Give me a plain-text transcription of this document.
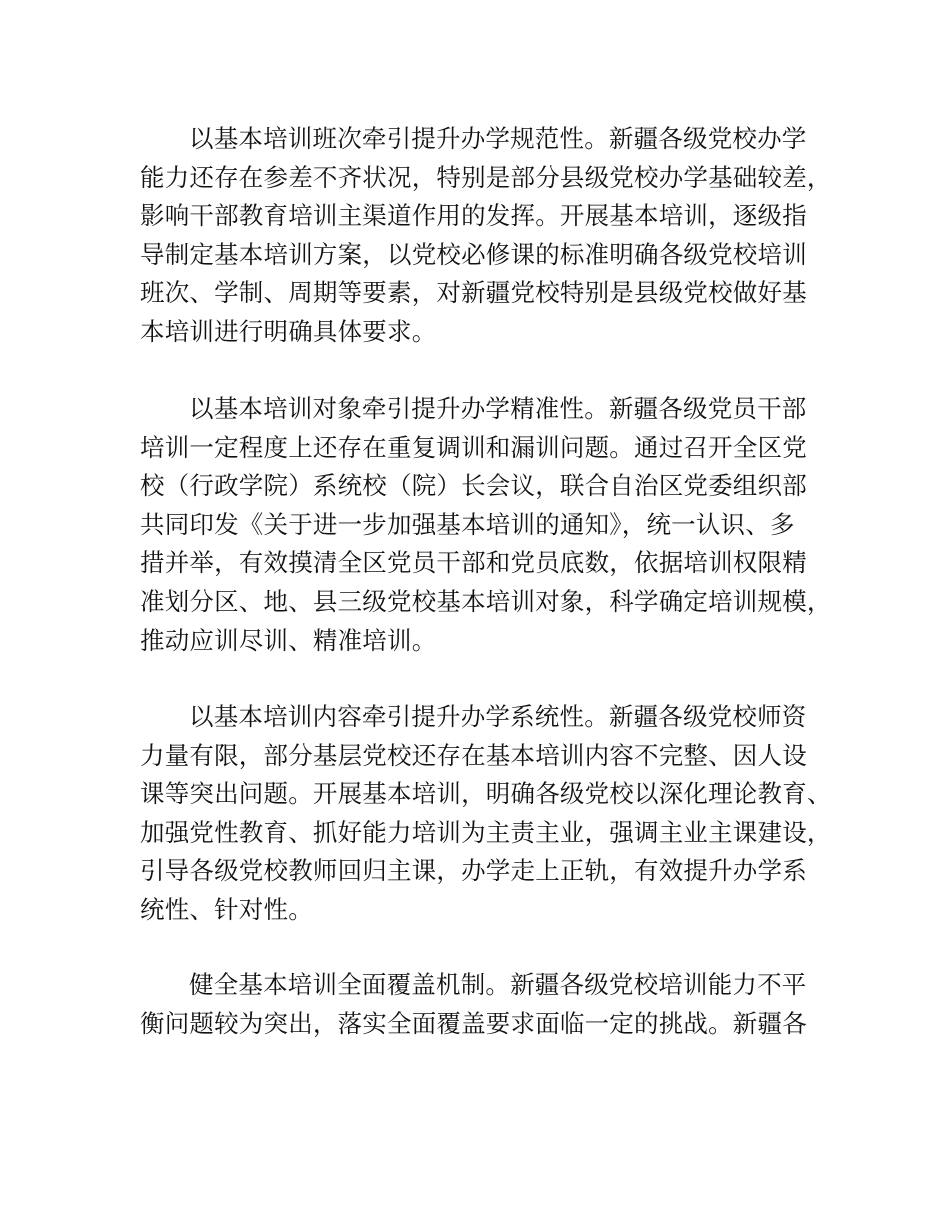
以基本培训班次牵引提升办学规范性。新疆各级党校办学
能力还存在参差不齐状况，特别是部分县级党校办学基础较差，
影响干部教育培训主渠道作用的发挥。开展基本培训，逐级指
导制定基本培训方案，以党校必修课的标准明确各级党校培训
班次、学制、周期等要素，对新疆党校特别是县级党校做好基
本培训进行明确具体要求。
以基本培训对象牵引提升办学精准性。新疆各级党员干部
培训一定程度上还存在重复调训和漏训问题。通过召开全区党
校（行政学院）系统校（院）长会议，联合自治区党委组织部
共同印发《关于进一步加强基本培训的通知》，统一认识、多
措并举，有效摸清全区党员干部和党员底数，依据培训权限精
准划分区、地、县三级党校基本培训对象，科学确定培训规模，
推动应训尽训、精准培训。
以基本培训内容牵引提升办学系统性。新疆各级党校师资
力量有限，部分基层党校还存在基本培训内容不完整、因人设
课等突出问题。开展基本培训，明确各级党校以深化理论教育、
加强党性教育、抓好能力培训为主责主业，强调主业主课建设，
引导各级党校教师回归主课，办学走上正轨，有效提升办学系
统性、针对性。
健全基本培训全面覆盖机制。新疆各级党校培训能力不平
衡问题较为突出，落实全面覆盖要求面临一定的挑战。新疆各
